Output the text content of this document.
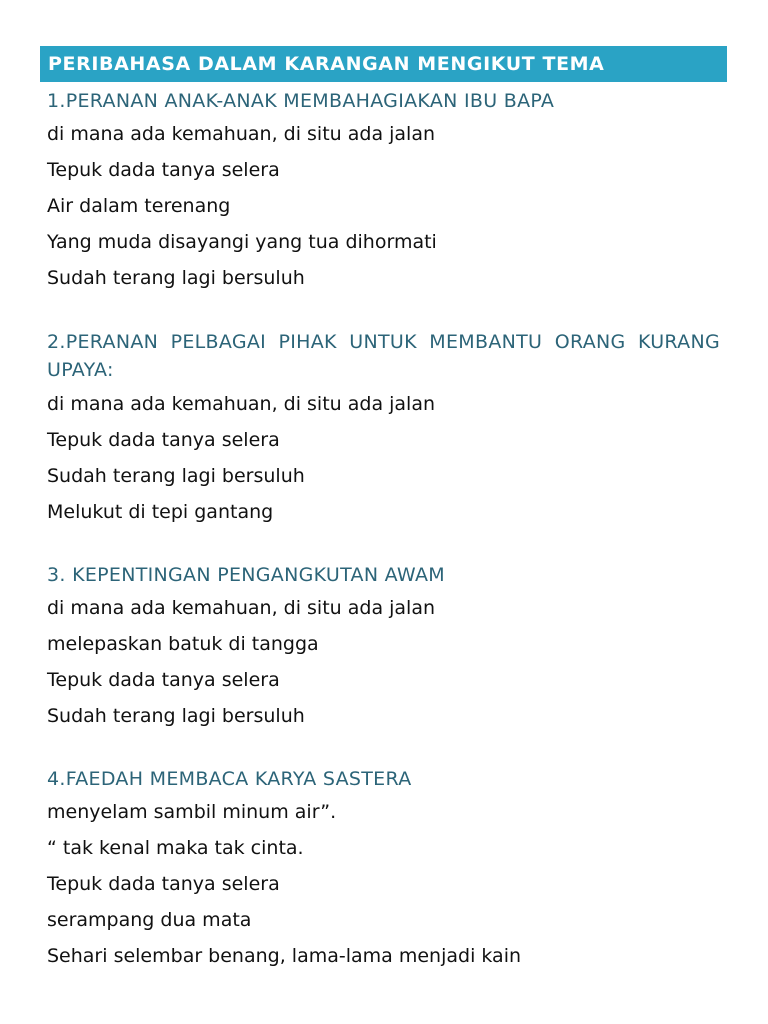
PERIBAHASA DALAM KARANGAN MENGIKUT TEMA
1.PERANAN ANAK-ANAK MEMBAHAGIAKAN IBU BAPA
di mana ada kemahuan, di situ ada jalan
Tepuk dada tanya selera
Air dalam terenang
Yang muda disayangi yang tua dihormati
Sudah terang lagi bersuluh
2.PERANAN PELBAGAI PIHAK UNTUK MEMBANTU ORANG KURANG UPAYA:
di mana ada kemahuan, di situ ada jalan
Tepuk dada tanya selera
Sudah terang lagi bersuluh
Melukut di tepi gantang
3. KEPENTINGAN PENGANGKUTAN AWAM
di mana ada kemahuan, di situ ada jalan
melepaskan batuk di tangga
Tepuk dada tanya selera
Sudah terang lagi bersuluh
4.FAEDAH MEMBACA KARYA SASTERA
menyelam sambil minum air”.
“ tak kenal maka tak cinta.
Tepuk dada tanya selera
serampang dua mata
Sehari selembar benang, lama-lama menjadi kain
